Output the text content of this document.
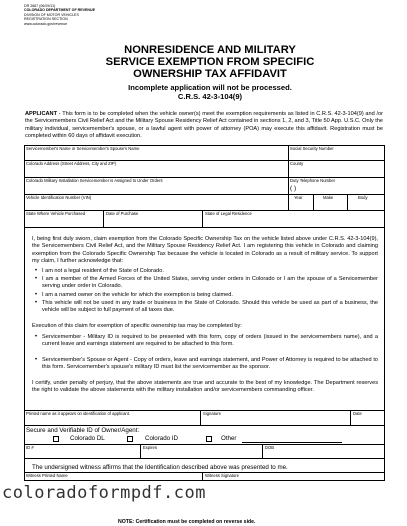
DR 2667 (06/29/11)
COLORADO DEPARTMENT OF REVENUE
DIVISION OF MOTOR VEHICLES
REGISTRATION SECTION
www.colorado.gov/revenue
NONRESIDENCE AND MILITARY
SERVICE EXEMPTION FROM SPECIFIC
OWNERSHIP TAX AFFIDAVIT
Incomplete application will not be processed.
C.R.S. 42-3-104(9)
APPLICANT - This form is to be completed when the vehicle owner(s) meet the exemption requirements as listed in C.R.S. 42-3-104(9) and /or the Servicemembers Civil Relief Act and the Military Spouse Residency Relief Act contained in sections 1, 2, and 3, Title 50 App. U.S.C. Only the military individual, servicemember's spouse, or a lawful agent with power of attorney (POA) may execute this affidavit. Registration must be completed within 60 days of affidavit execution.
Servicemember's Name or Servicemember's Spouse's Name	Social Security Number
Colorado Address (Street Address, City and ZIP)	County
Colorado Military Installation Servicemember is Assigned to Under Orders	Duty Telephone Number
( )
Vehicle Identification Number (VIN)	Year	Make	Body
State Where Vehicle Purchased	Date of Purchase	State of Legal Residence
I, being first duly sworn, claim exemption from the Colorado Specific Ownership Tax on the vehicle listed above under C.R.S. 42-3-104(9), the Servicemembers Civil Relief Act, and the Military Spouse Residency Relief Act. I am registering this vehicle in Colorado and claiming exemption from the Colorado Specific Ownership Tax because the vehicle is located in Colorado as a result of military service. To support my claim, I further acknowledge that:
• I am not a legal resident of the State of Colorado.
• I am a member of the Armed Forces of the United States, serving under orders in Colorado or I am the spouse of a Servicemember serving under order in Colorado.
• I am a named owner on the vehicle for which the exemption is being claimed.
• This vehicle will not be used in any trade or business in the State of Colorado. Should this vehicle be used as part of a business, the vehicle will be subject to full payment of all taxes due.
Execution of this claim for exemption of specific ownership tax may be completed by:
• Servicemember - Military ID is required to be presented with this form, copy of orders (issued in the servicemembers name), and a current leave and earnings statement are required to be attached to this form.
• Servicemember's Spouse or Agent - Copy of orders, leave and earnings statement, and Power of Attorney is required to be attached to this form. Servicemember's spouse's military ID must list the servicemember as the sponsor.
I certify, under penalty of perjury, that the above statements are true and accurate to the best of my knowledge. The Department reserves the right to validate the above statements with the military installation and/or servicemembers commanding officer.
Printed name as it appears on identification of applicant.	Signature	Date
Secure and Verifiable ID of Owner/Agent:
Colorado DL	Colorado ID	Other
ID #	Expires	DOB
The undersigned witness affirms that the Identification described above was presented to me.
Witness Printed Name	Witness Signature
coloradoformpdf.com
NOTE: Certification must be completed on reverse side.
